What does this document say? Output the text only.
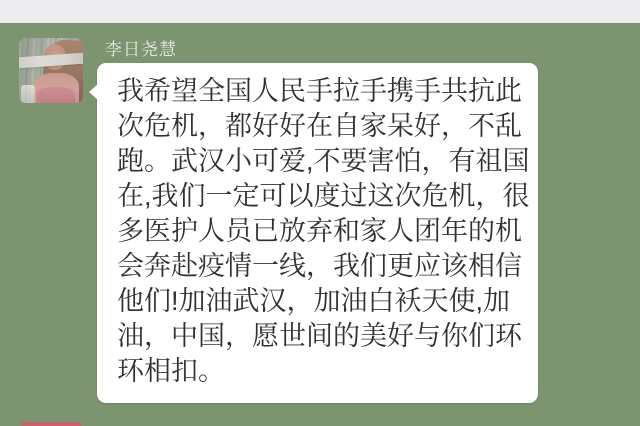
李日尧慧
我希望全国人民手拉手携手共抗此
次危机，都好好在自家呆好，不乱
跑。武汉小可爱,不要害怕，有祖国
在,我们一定可以度过这次危机，很
多医护人员已放弃和家人团年的机
会奔赴疫情一线，我们更应该相信
他们!加油武汉，加油白袄天使,加
油，中国，愿世间的美好与你们环
环相扣。
